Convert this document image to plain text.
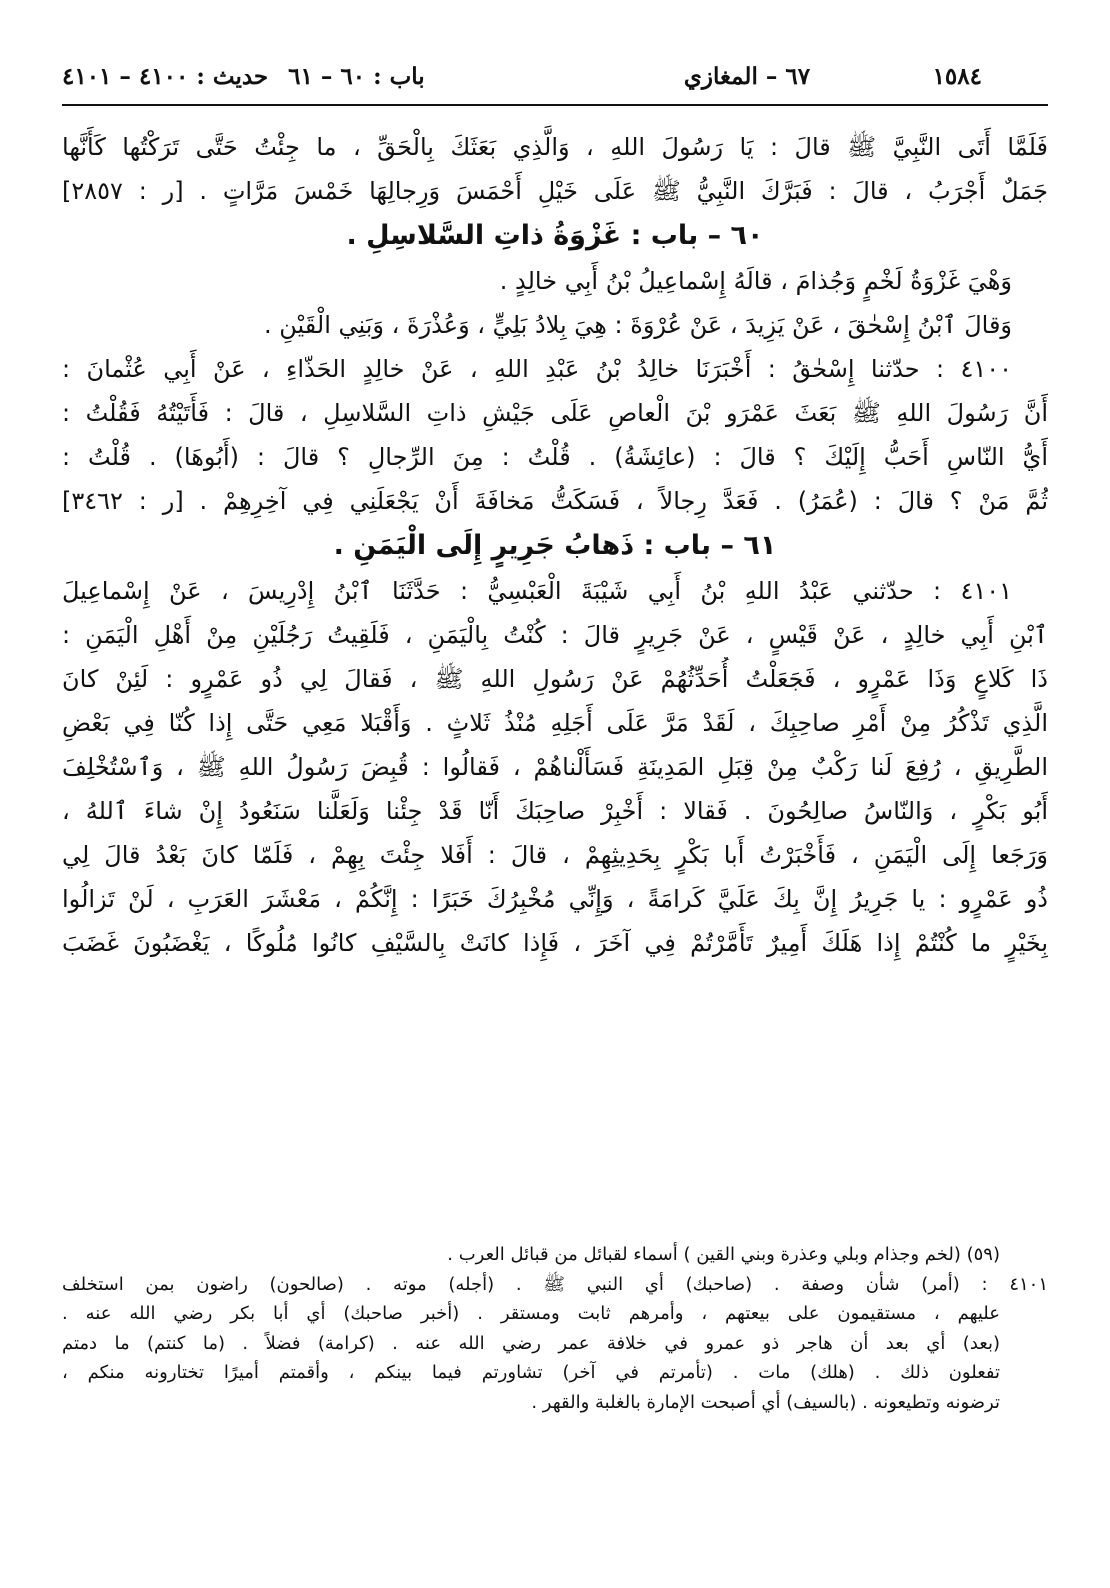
١٥٨٤
٦٧ – المغازي
باب : ٦٠ – ٦١ حديث : ٤١٠٠ – ٤١٠١
فَلَمَّا أَتَى النَّبِيَّ ﷺ قالَ : يَا رَسُولَ اللهِ ، وَالَّذِي بَعَثَكَ بِالْحَقِّ ، ما جِئْتُ حَتَّى تَرَكْتُها كَأَنَّها
جَمَلٌ أَجْرَبُ ، قالَ : فَبَرَّكَ النَّبِيُّ ﷺ عَلَى خَيْلِ أَحْمَسَ وَرِجالِهَا خَمْسَ مَرَّاتٍ . [ر : ٢٨٥٧]
٦٠ – باب : غَزْوَةُ ذاتِ السَّلاسِلِ .
وَهْيَ غَزْوَةُ لَخْمٍ وَجُذامَ ، قالَهُ إِسْماعِيلُ بْنُ أَبِي خالِدٍ .
وَقالَ ٱبْنُ إِسْحٰقَ ، عَنْ يَزِيدَ ، عَنْ عُرْوَةَ : هِيَ بِلادُ بَلِيٍّ ، وَعُذْرَةَ ، وَبَنِي الْقَيْنِ .
٤١٠٠ : حدّثنا إِسْحٰقُ : أَخْبَرَنَا خالِدُ بْنُ عَبْدِ اللهِ ، عَنْ خالِدٍ الحَذّاءِ ، عَنْ أَبِي عُثْمانَ :
أَنَّ رَسُولَ اللهِ ﷺ بَعَثَ عَمْرَو بْنَ الْعاصِ عَلَى جَيْشِ ذاتِ السَّلاسِلِ ، قالَ : فَأَتَيْتُهُ فَقُلْتُ :
أَيُّ النّاسِ أَحَبُّ إِلَيْكَ ؟ قالَ : (عائِشَةُ) . قُلْتُ : مِنَ الرِّجالِ ؟ قالَ : (أَبُوهَا) . قُلْتُ :
ثُمَّ مَنْ ؟ قالَ : (عُمَرُ) . فَعَدَّ رِجالاً ، فَسَكَتُّ مَخافَةَ أَنْ يَجْعَلَنِي فِي آخِرِهِمْ . [ر : ٣٤٦٢]
٦١ – باب : ذَهابُ جَرِيرٍ إِلَى الْيَمَنِ .
٤١٠١ : حدّثني عَبْدُ اللهِ بْنُ أَبِي شَيْبَةَ الْعَبْسِيُّ : حَدَّثَنَا ٱبْنُ إِدْرِيسَ ، عَنْ إِسْماعِيلَ
ٱبْنِ أَبِي خالِدٍ ، عَنْ قَيْسٍ ، عَنْ جَرِيرٍ قالَ : كُنْتُ بِالْيَمَنِ ، فَلَقِيتُ رَجُلَيْنِ مِنْ أَهْلِ الْيَمَنِ :
ذَا كَلاعٍ وَذَا عَمْرٍو ، فَجَعَلْتُ أُحَدِّثُهُمْ عَنْ رَسُولِ اللهِ ﷺ ، فَقالَ لِي ذُو عَمْرٍو : لَئِنْ كانَ
الَّذِي تَذْكُرُ مِنْ أَمْرِ صاحِبِكَ ، لَقَدْ مَرَّ عَلَى أَجَلِهِ مُنْذُ ثَلاثٍ . وَأَقْبَلا مَعِي حَتَّى إِذا كُنّا فِي بَعْضِ
الطَّرِيقِ ، رُفِعَ لَنا رَكْبٌ مِنْ قِبَلِ المَدِينَةِ فَسَأَلْناهُمْ ، فَقالُوا : قُبِضَ رَسُولُ اللهِ ﷺ ، وَٱسْتُخْلِفَ
أَبُو بَكْرٍ ، وَالنّاسُ صالِحُونَ . فَقالا : أَخْبِرْ صاحِبَكَ أَنّا قَدْ جِئْنا وَلَعَلَّنا سَنَعُودُ إِنْ شاءَ ٱللهُ ،
وَرَجَعا إِلَى الْيَمَنِ ، فَأَخْبَرْتُ أَبا بَكْرٍ بِحَدِيثِهِمْ ، قالَ : أَفَلا جِئْتَ بِهِمْ ، فَلَمّا كانَ بَعْدُ قالَ لِي
ذُو عَمْرٍو : يا جَرِيرُ إِنَّ بِكَ عَلَيَّ كَرامَةً ، وَإِنِّي مُخْبِرُكَ خَبَرًا : إِنَّكُمْ ، مَعْشَرَ العَرَبِ ، لَنْ تَزالُوا
بِخَيْرٍ ما كُنْتُمْ إِذا هَلَكَ أَمِيرٌ تَأَمَّرْتُمْ فِي آخَرَ ، فَإِذا كانَتْ بِالسَّيْفِ كانُوا مُلُوكًا ، يَغْضَبُونَ غَضَبَ
(٥٩) (لخم وجذام وبلي وعذرة وبني القين ) أسماء لقبائل من قبائل العرب .
٤١٠١ : (أمر) شأن وصفة . (صاحبك) أي النبي ﷺ . (أجله) موته . (صالحون) راضون بمن استخلف
عليهم ، مستقيمون على بيعتهم ، وأمرهم ثابت ومستقر . (أخبر صاحبك) أي أبا بكر رضي الله عنه .
(بعد) أي بعد أن هاجر ذو عمرو في خلافة عمر رضي الله عنه . (كرامة) فضلاً . (ما كنتم) ما دمتم
تفعلون ذلك . (هلك) مات . (تأمرتم في آخر) تشاورتم فيما بينكم ، وأقمتم أميرًا تختارونه منكم ،
ترضونه وتطيعونه . (بالسيف) أي أصبحت الإمارة بالغلبة والقهر .
